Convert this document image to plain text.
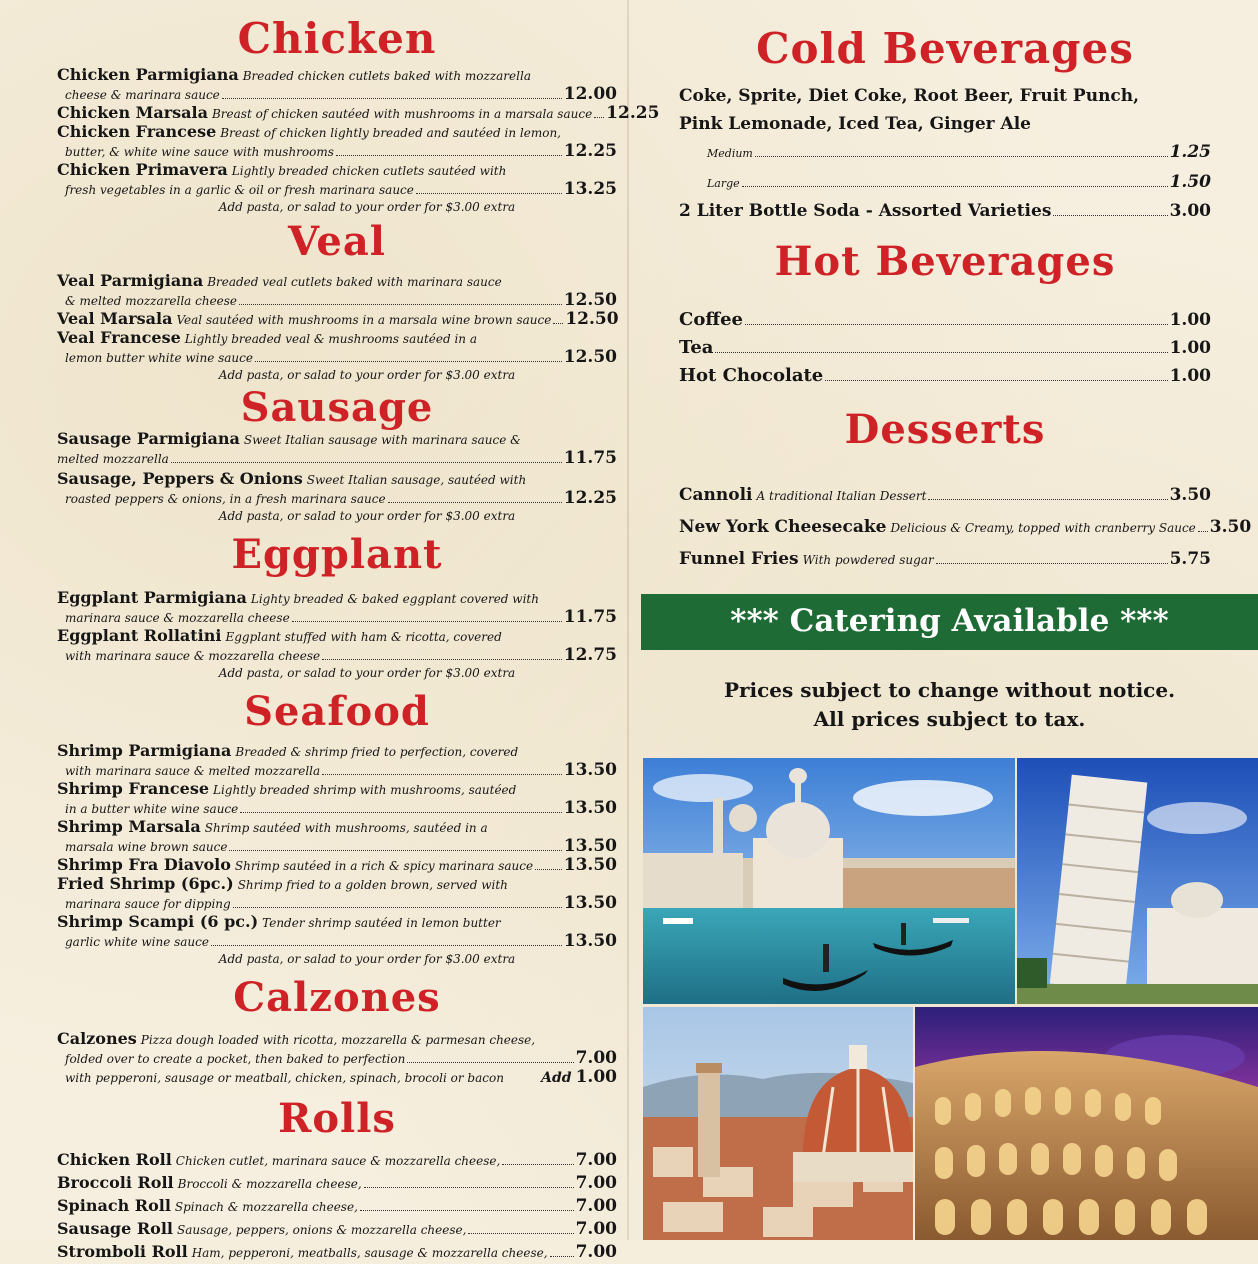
Chicken
Chicken Parmigiana Breaded chicken cutlets baked with mozzarella
cheese & marinara sauce	12.00
Chicken Marsala Breast of chicken sautéed with mushrooms in a marsala sauce 12.25
Chicken Francese Breast of chicken lightly breaded and sautéed in lemon,
butter, & white wine sauce with mushrooms	12.25
Chicken Primavera Lightly breaded chicken cutlets sautéed with
fresh vegetables in a garlic & oil or fresh marinara sauce	13.25
Add pasta, or salad to your order for $3.00 extra
Veal
Veal Parmigiana Breaded veal cutlets baked with marinara sauce
& melted mozzarella cheese	12.50
Veal Marsala Veal sautéed with mushrooms in a marsala wine brown sauce 12.50
Veal Francese Lightly breaded veal & mushrooms sautéed in a
lemon butter white wine sauce	12.50
Add pasta, or salad to your order for $3.00 extra
Sausage
Sausage Parmigiana Sweet Italian sausage with marinara sauce &
melted mozzarella	11.75
Sausage, Peppers & Onions Sweet Italian sausage, sautéed with
roasted peppers & onions, in a fresh marinara sauce	12.25
Add pasta, or salad to your order for $3.00 extra
Eggplant
Eggplant Parmigiana Lighty breaded & baked eggplant covered with
marinara sauce & mozzarella cheese	11.75
Eggplant Rollatini Eggplant stuffed with ham & ricotta, covered
with marinara sauce & mozzarella cheese	12.75
Add pasta, or salad to your order for $3.00 extra
Seafood
Shrimp Parmigiana Breaded & shrimp fried to perfection, covered
with marinara sauce & melted mozzarella	13.50
Shrimp Francese Lightly breaded shrimp with mushrooms, sautéed
in a butter white wine sauce	13.50
Shrimp Marsala Shrimp sautéed with mushrooms, sautéed in a
marsala wine brown sauce	13.50
Shrimp Fra Diavolo Shrimp sautéed in a rich & spicy marinara sauce 13.50
Fried Shrimp (6pc.) Shrimp fried to a golden brown, served with
marinara sauce for dipping	13.50
Shrimp Scampi (6 pc.) Tender shrimp sautéed in lemon butter
garlic white wine sauce	13.50
Add pasta, or salad to your order for $3.00 extra
Calzones
Calzones Pizza dough loaded with ricotta, mozzarella & parmesan cheese,
folded over to create a pocket, then baked to perfection	7.00
with pepperoni, sausage or meatball, chicken, spinach, brocoli or bacon	Add 1.00
Rolls
Chicken Roll Chicken cutlet, marinara sauce & mozzarella cheese,	7.00
Broccoli Roll Broccoli & mozzarella cheese,	7.00
Spinach Roll Spinach & mozzarella cheese,	7.00
Sausage Roll Sausage, peppers, onions & mozzarella cheese,	7.00
Stromboli Roll Ham, pepperoni, meatballs, sausage & mozzarella cheese, 7.00
Cold Beverages
Coke, Sprite, Diet Coke, Root Beer, Fruit Punch,
Pink Lemonade, Iced Tea, Ginger Ale
Medium	1.25
Large	1.50
2 Liter Bottle Soda - Assorted Varieties	3.00
Hot Beverages
Coffee	1.00
Tea	1.00
Hot Chocolate	1.00
Desserts
Cannoli A traditional Italian Dessert	3.50
New York Cheesecake Delicious & Creamy, topped with cranberry Sauce 3.50
Funnel Fries With powdered sugar	5.75
*** Catering Available ***
Prices subject to change without notice.
All prices subject to tax.
